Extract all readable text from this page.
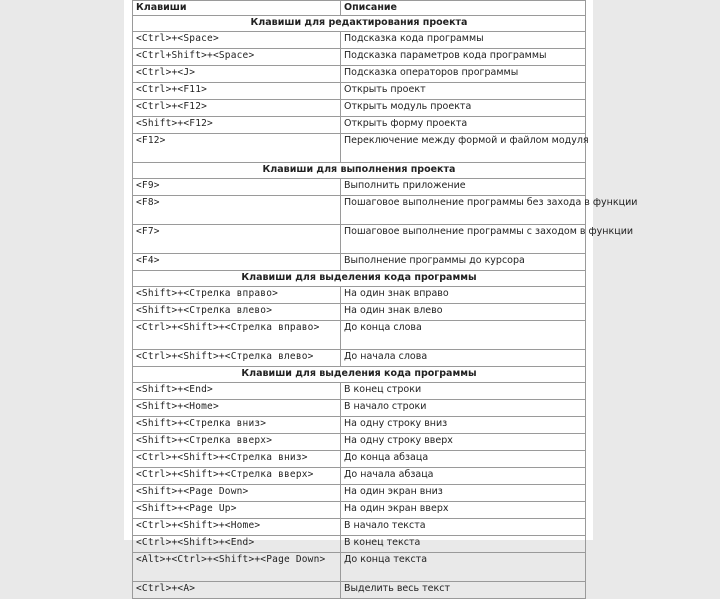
Клавиши	Описание
Клавиши для редактирования проекта	
<Ctrl>+<Space>	Подсказка кода программы
<Ctrl+Shift>+<Space>	Подсказка параметров кода программы
<Ctrl>+<J>	Подсказка операторов программы
<Ctrl>+<F11>	Открыть проект
<Ctrl>+<F12>	Открыть модуль проекта
<Shift>+<F12>	Открыть форму проекта
<F12>	Переключение между формой и файлом модуля
Клавиши для выполнения проекта	
<F9>	Выполнить приложение
<F8>	Пошаговое выполнение программы без захода в функции
<F7>	Пошаговое выполнение программы с заходом в функции
<F4>	Выполнение программы до курсора
Клавиши для выделения кода программы	
<Shift>+<Стрелка вправо>	На один знак вправо
<Shift>+<Стрелка влево>	На один знак влево
<Ctrl>+<Shift>+<Стрелка вправо>	До конца слова
<Ctrl>+<Shift>+<Стрелка влево>	До начала слова
Клавиши для выделения кода программы	
<Shift>+<End>	В конец строки
<Shift>+<Home>	В начало строки
<Shift>+<Стрелка вниз>	На одну строку вниз
<Shift>+<Стрелка вверх>	На одну строку вверх
<Ctrl>+<Shift>+<Стрелка вниз>	До конца абзаца
<Ctrl>+<Shift>+<Стрелка вверх>	До начала абзаца
<Shift>+<Page Down>	На один экран вниз
<Shift>+<Page Up>	На один экран вверх
<Ctrl>+<Shift>+<Home>	В начало текста
<Ctrl>+<Shift>+<End>	В конец текста
<Alt>+<Ctrl>+<Shift>+<Page Down>	До конца текста
<Ctrl>+<A>	Выделить весь текст
